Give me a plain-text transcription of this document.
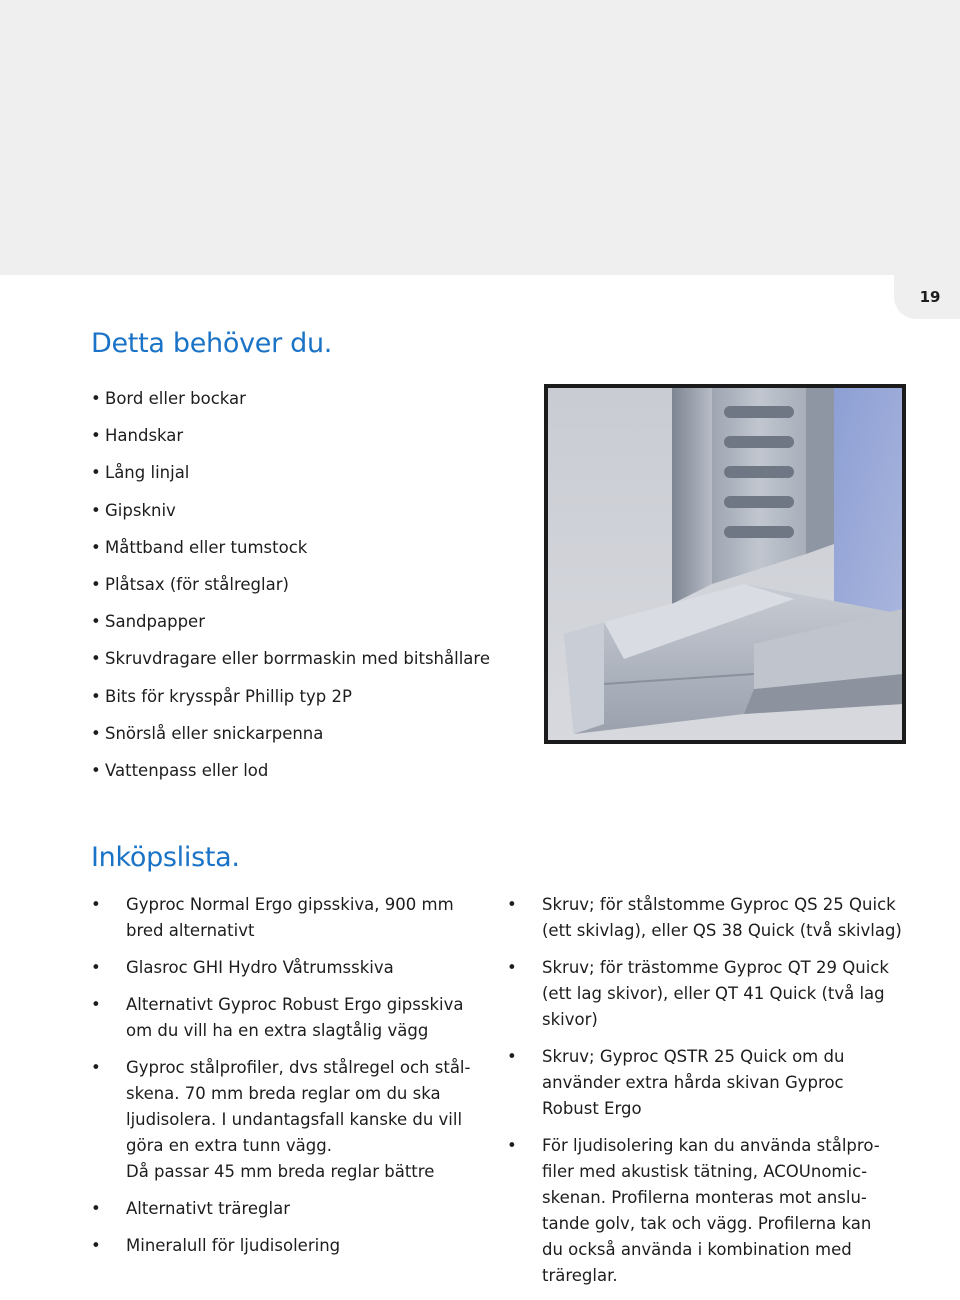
19
Detta behöver du.
• Bord eller bockar
• Handskar
• Lång linjal
• Gipskniv
• Måttband eller tumstock
• Plåtsax (för stålreglar)
• Sandpapper
• Skruvdragare eller borrmaskin med bitshållare
• Bits för krysspår Phillip typ 2P
• Snörslå eller snickarpenna
• Vattenpass eller lod
Inköpslista.
• Gyproc Normal Ergo gipsskiva, 900 mm
bred alternativt
• Glasroc GHI Hydro Våtrumsskiva
• Alternativt Gyproc Robust Ergo gipsskiva
om du vill ha en extra slagtålig vägg
• Gyproc stålprofiler, dvs stålregel och stål-
skena. 70 mm breda reglar om du ska
ljudisolera. I undantagsfall kanske du vill
göra en extra tunn vägg.
Då passar 45 mm breda reglar bättre
• Alternativt träreglar
• Mineralull för ljudisolering
• Skruv; för stålstomme Gyproc QS 25 Quick
(ett skivlag), eller QS 38 Quick (två skivlag)
• Skruv; för trästomme Gyproc QT 29 Quick
(ett lag skivor), eller QT 41 Quick (två lag
skivor)
• Skruv; Gyproc QSTR 25 Quick om du
använder extra hårda skivan Gyproc
Robust Ergo
• För ljudisolering kan du använda stålpro-
filer med akustisk tätning, ACOUnomic-
skenan. Profilerna monteras mot anslu-
tande golv, tak och vägg. Profilerna kan
du också använda i kombination med
träreglar.
